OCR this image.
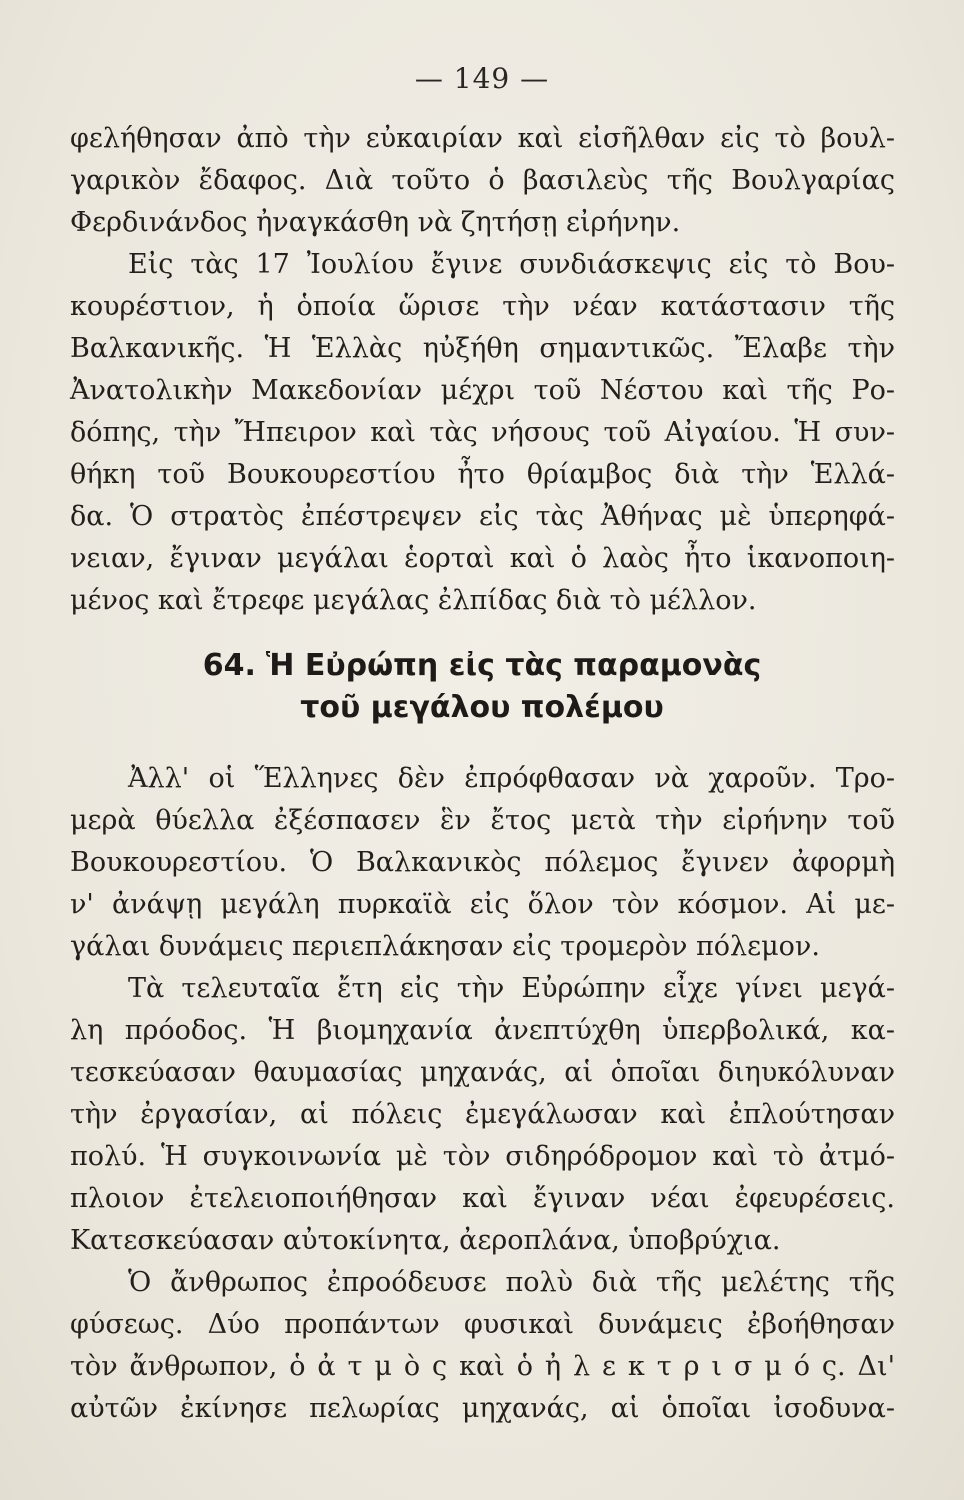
— 149 —
φελήθησαν ἀπὸ τὴν εὐκαιρίαν καὶ εἰσῆλθαν εἰς τὸ βουλ-
γαρικὸν ἔδαφος. Διὰ τοῦτο ὁ βασιλεὺς τῆς Βουλγαρίας
Φερδινάνδος ἠναγκάσθη νὰ ζητήσῃ εἰρήνην.
Εἰς τὰς 17 Ἰουλίου ἔγινε συνδιάσκεψις εἰς τὸ Βου-
κουρέστιον, ἡ ὁποία ὥρισε τὴν νέαν κατάστασιν τῆς
Βαλκανικῆς. Ἡ Ἑλλὰς ηὐξήθη σημαντικῶς. Ἔλαβε τὴν
Ἀνατολικὴν Μακεδονίαν μέχρι τοῦ Νέστου καὶ τῆς Ρο-
δόπης, τὴν Ἤπειρον καὶ τὰς νήσους τοῦ Αἰγαίου. Ἡ συν-
θήκη τοῦ Βουκουρεστίου ἦτο θρίαμβος διὰ τὴν Ἑλλά-
δα. Ὁ στρατὸς ἐπέστρεψεν εἰς τὰς Ἀθήνας μὲ ὑπερηφά-
νειαν, ἔγιναν μεγάλαι ἑορταὶ καὶ ὁ λαὸς ἦτο ἱκανοποιη-
μένος καὶ ἔτρεφε μεγάλας ἐλπίδας διὰ τὸ μέλλον.
64. Ἡ Εὐρώπη εἰς τὰς παραμονὰς
τοῦ μεγάλου πολέμου
Ἀλλ' οἱ Ἕλληνες δὲν ἐπρόφθασαν νὰ χαροῦν. Τρο-
μερὰ θύελλα ἐξέσπασεν ἓν ἔτος μετὰ τὴν εἰρήνην τοῦ
Βουκουρεστίου. Ὁ Βαλκανικὸς πόλεμος ἔγινεν ἀφορμὴ
ν' ἀνάψῃ μεγάλη πυρκαϊὰ εἰς ὅλον τὸν κόσμον. Αἱ με-
γάλαι δυνάμεις περιεπλάκησαν εἰς τρομερὸν πόλεμον.
Τὰ τελευταῖα ἔτη εἰς τὴν Εὐρώπην εἶχε γίνει μεγά-
λη πρόοδος. Ἡ βιομηχανία ἀνεπτύχθη ὑπερβολικά, κα-
τεσκεύασαν θαυμασίας μηχανάς, αἱ ὁποῖαι διηυκόλυναν
τὴν ἐργασίαν, αἱ πόλεις ἐμεγάλωσαν καὶ ἐπλούτησαν
πολύ. Ἡ συγκοινωνία μὲ τὸν σιδηρόδρομον καὶ τὸ ἀτμό-
πλοιον ἐτελειοποιήθησαν καὶ ἔγιναν νέαι ἐφευρέσεις.
Κατεσκεύασαν αὐτοκίνητα, ἀεροπλάνα, ὑποβρύχια.
Ὁ ἄνθρωπος ἐπροόδευσε πολὺ διὰ τῆς μελέτης τῆς
φύσεως. Δύο προπάντων φυσικαὶ δυνάμεις ἐβοήθησαν
τὸν ἄνθρωπον, ὁ ἀ τ μ ὸ ς καὶ ὁ ἠ λ ε κ τ ρ ι σ μ ό ς. Δι'
αὐτῶν ἐκίνησε πελωρίας μηχανάς, αἱ ὁποῖαι ἰσοδυνα-
